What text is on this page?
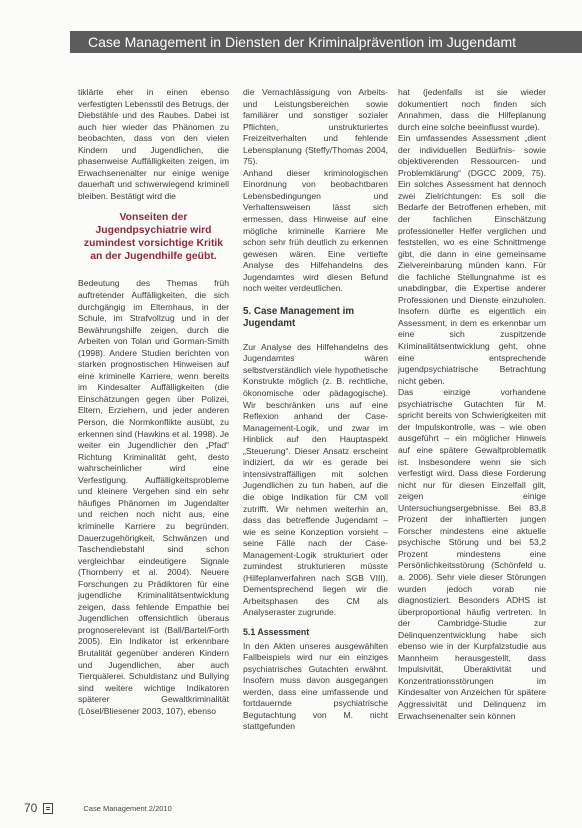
Case Management in Diensten der Kriminalprävention im Jugendamt

tiklärte eher in einen ebenso verfestigten Lebensstil des Betrugs, der Diebstähle und des Raubes. Dabei ist auch hier wieder das Phänomen zu beobachten, dass von den vielen Kindern und Jugendlichen, die phasenweise Auffälligkeiten zeigen, im Erwachsenenalter nur einige wenige dauerhaft und schwerwiegend kriminell bleiben. Bestätigt wird die

Vonseiten der Jugendpsychiatrie wird zumindest vorsichtige Kritik an der Jugendhilfe geübt.

Bedeutung des Themas früh auftretender Auffälligkeiten, die sich durchgängig im Elternhaus, in der Schule, im Strafvollzug und in der Bewährungshilfe zeigen, durch die Arbeiten von Tolan und Gorman-Smith (1998). Andere Studien berichten von starken prognostischen Hinweisen auf eine kriminelle Karriere, wenn bereits im Kindesalter Auffälligkeiten (die Einschätzungen gegen über Polizei, Eltern, Erziehern, und jeder anderen Person, die Normkonflikte ausübt, zu erkennen sind (Hawkins et al. 1998). Je weiter ein Jugendlicher den „Pfad“ Richtung Kriminalität geht, desto wahrscheinlicher wird eine Verfestigung. Auffälligkeitsprobleme und kleinere Vergehen sind ein sehr häufiges Phänomen im Jugendalter und reichen noch nicht aus, eine kriminelle Karriere zu begründen. Dauerzugehörigkeit, Schwänzen und Taschendiebstahl sind schon vergleichbar eindeutigere Signale (Thornberry et al. 2004). Neuere Forschungen zu Prädiktoren für eine jugendliche Kriminalitätsentwicklung zeigen, dass fehlende Empathie bei Jugendlichen offensichtlich überaus prognoserelevant ist (Ball/Bartel/Forth 2005). Ein Indikator ist erkennbare Brutalität gegenüber anderen Kindern und Jugendlichen, aber auch Tierquälerei. Schuldistanz und Bullying sind weitere wichtige Indikatoren späterer Gewaltkriminalität (Lösel/Bliesener 2003, 107), ebenso

die Vernachlässigung von Arbeits- und Leistungsbereichen sowie familiärer und sonstiger sozialer Pflichten, unstrukturiertes Freizeitverhalten und fehlende Lebensplanung (Steffy/Thomas 2004, 75).

Anhand dieser kriminologischen Einordnung von beobachtbaren Lebensbedingungen und Verhaltensweisen lässt sich ermessen, dass Hinweise auf eine mögliche kriminelle Karriere Me schon sehr früh deutlich zu erkennen gewesen wären. Eine vertiefte Analyse des Hilfehandelns des Jugendamtes wird diesen Befund noch weiter verdeutlichen.

5. Case Management im Jugendamt

Zur Analyse des Hilfehandelns des Jugendamtes wären selbstverständlich viele hypothetische Konstrukte möglich (z. B. rechtliche, ökonomische oder pädagogische). Wir beschränken uns auf eine Reflexion anhand der Case-Management-Logik, und zwar im Hinblick auf den Hauptaspekt „Steuerung“. Dieser Ansatz erscheint indiziert, da wir es gerade bei intensivstraffälligen mit solchen Jugendlichen zu tun haben, auf die die obige Indikation für CM voll zutrifft. Wir nehmen weiterhin an, dass das betreffende Jugendamt – wie es seine Konzeption vorsieht – seine Fälle nach der Case-Management-Logik strukturiert oder zumindest strukturieren müsste (Hilfeplanverfahren nach SGB VIII). Dementsprechend liegen wir die Arbeitsphasen des CM als Analyseraster zugrunde.

5.1 Assessment

In den Akten unseres ausgewählten Fallbeispiels wird nur ein einziges psychiatrisches Gutachten erwähnt. Insofern muss davon ausgegangen werden, dass eine umfassende und fortdauernde psychiatrische Begutachtung von M. nicht stattgefunden

hat (jedenfalls ist sie wieder dokumentiert noch finden sich Annahmen, dass die Hilfeplanung durch eine solche beeinflusst wurde).

Ein umfassendes Assessment „dient der individuellen Bedürfnis- sowie objektiverenden Ressourcen- und Problemklärung“ (DGCC 2009, 75). Ein solches Assessment hat dennoch zwei Zielrichtungen: Es soll die Bedarfe der Betroffenen erheben, mit der fachlichen Einschätzung professioneller Helfer verglichen und feststellen, wo es eine Schnittmenge gibt, die dann in eine gemeinsame Zielvereinbarung münden kann. Für die fachliche Stellungnahme ist es unabdingbar, die Expertise anderer Professionen und Dienste einzuholen. Insofern dürfte es eigentlich ein Assessment, in dem es erkennbar um eine sich zuspitzende Kriminalitätsentwicklung geht, ohne eine entsprechende jugendpsychiatrische Betrachtung nicht geben.

Das einzige vorhandene psychiatrische Gutachten für M. spricht bereits von Schwierigkeiten mit der Impulskontrolle, was – wie oben ausgeführt – ein möglicher Hinweis auf eine spätere Gewaltproblematik ist. Insbesondere wenn sie sich verfestigt wird. Dass diese Forderung nicht nur für diesen Einzelfall gilt, zeigen einige Untersuchungsergebnisse. Bei 83,8 Prozent der inhaftierten jungen Forscher mindestens eine aktuelle psychische Störung und bei 53,2 Prozent mindestens eine Persönlichkeitsstörung (Schönfeld u. a. 2006). Sehr viele dieser Störungen wurden jedoch vorab nie diagnostiziert. Besonders ADHS ist überproportional häufig vertreten. In der Cambridge-Studie zur Delinquenzentwicklung habe sich ebenso wie in der Kurpfalzstudie aus Mannheim herausgestellt, dass Impulsivität, Überaktivität und Konzentrationsstörungen im Kindesalter von Anzeichen für spätere Aggressivität und Delinquenz im Erwachsenenalter sein können

70	Case Management 2/2010
